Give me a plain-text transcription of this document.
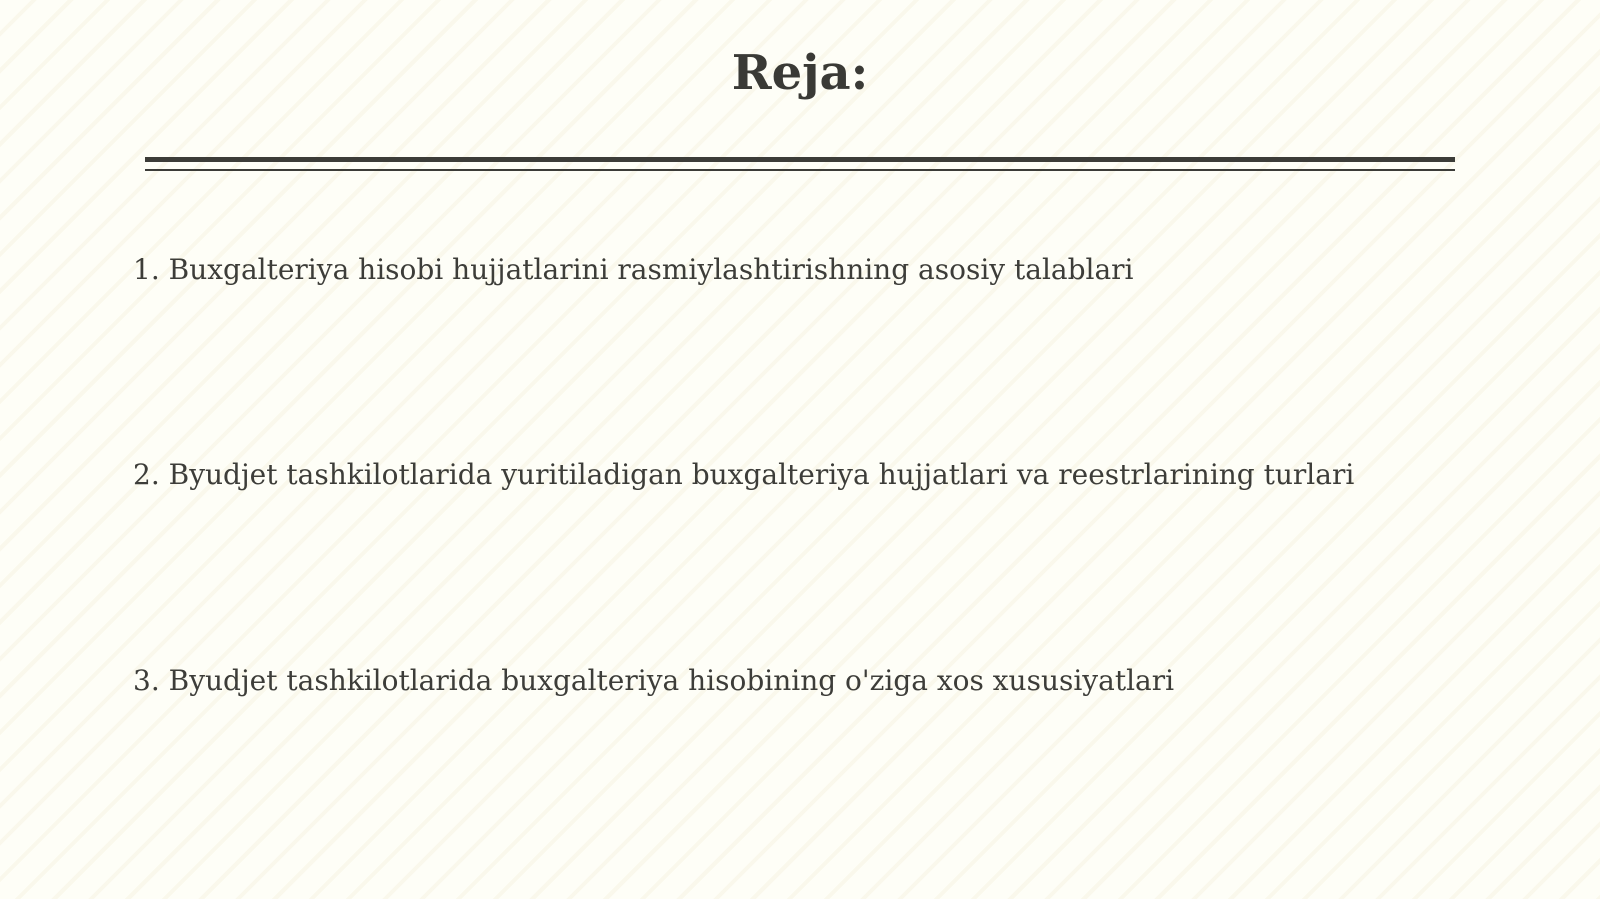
Reja:
1. Buxgalteriya hisobi hujjatlarini rasmiylashtirishning asosiy talablari
2. Byudjet tashkilotlarida yuritiladigan buxgalteriya hujjatlari va reestrlarining turlari
3. Byudjet tashkilotlarida buxgalteriya hisobining o'ziga xos xususiyatlari
